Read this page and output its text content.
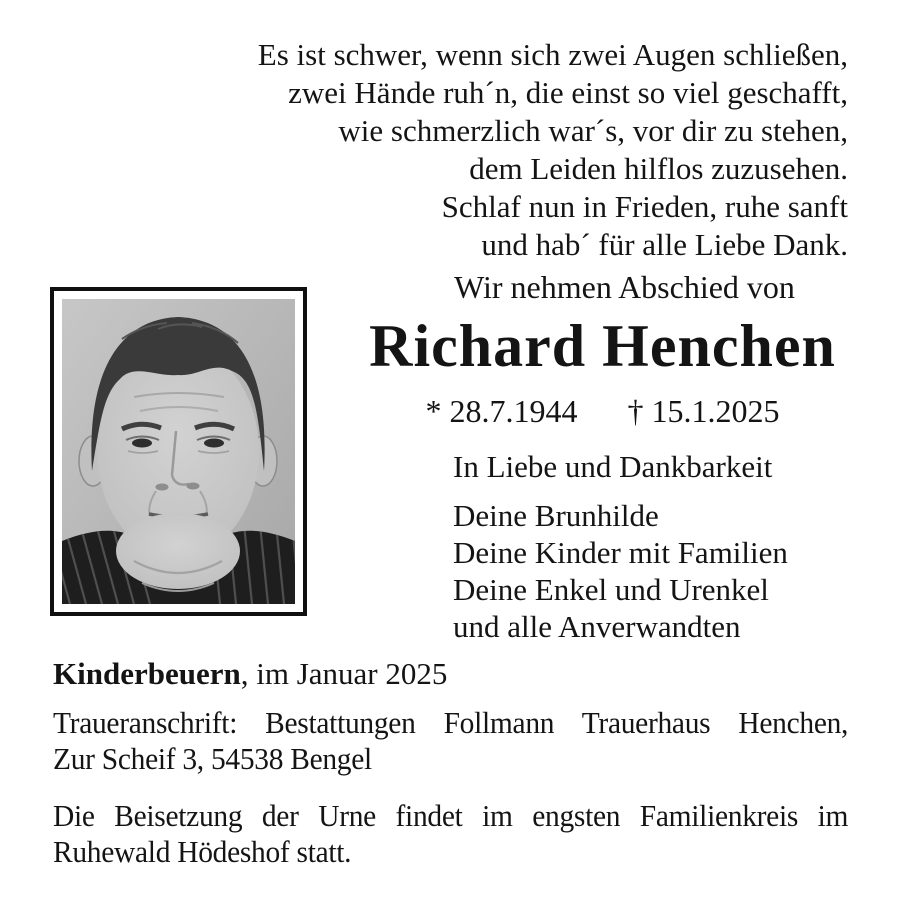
Es ist schwer, wenn sich zwei Augen schließen,
zwei Hände ruh´n, die einst so viel geschafft,
wie schmerzlich war´s, vor dir zu stehen,
dem Leiden hilflos zuzusehen.
Schlaf nun in Frieden, ruhe sanft
und hab´ für alle Liebe Dank.
Wir nehmen Abschied von
Richard Henchen
* 28.7.1944 † 15.1.2025
In Liebe und Dankbarkeit
Deine Brunhilde
Deine Kinder mit Familien
Deine Enkel und Urenkel
und alle Anverwandten
Kinderbeuern, im Januar 2025
Traueranschrift: Bestattungen Follmann Trauerhaus Henchen,
Zur Scheif 3, 54538 Bengel
Die Beisetzung der Urne findet im engsten Familienkreis im
Ruhewald Hödeshof statt.
